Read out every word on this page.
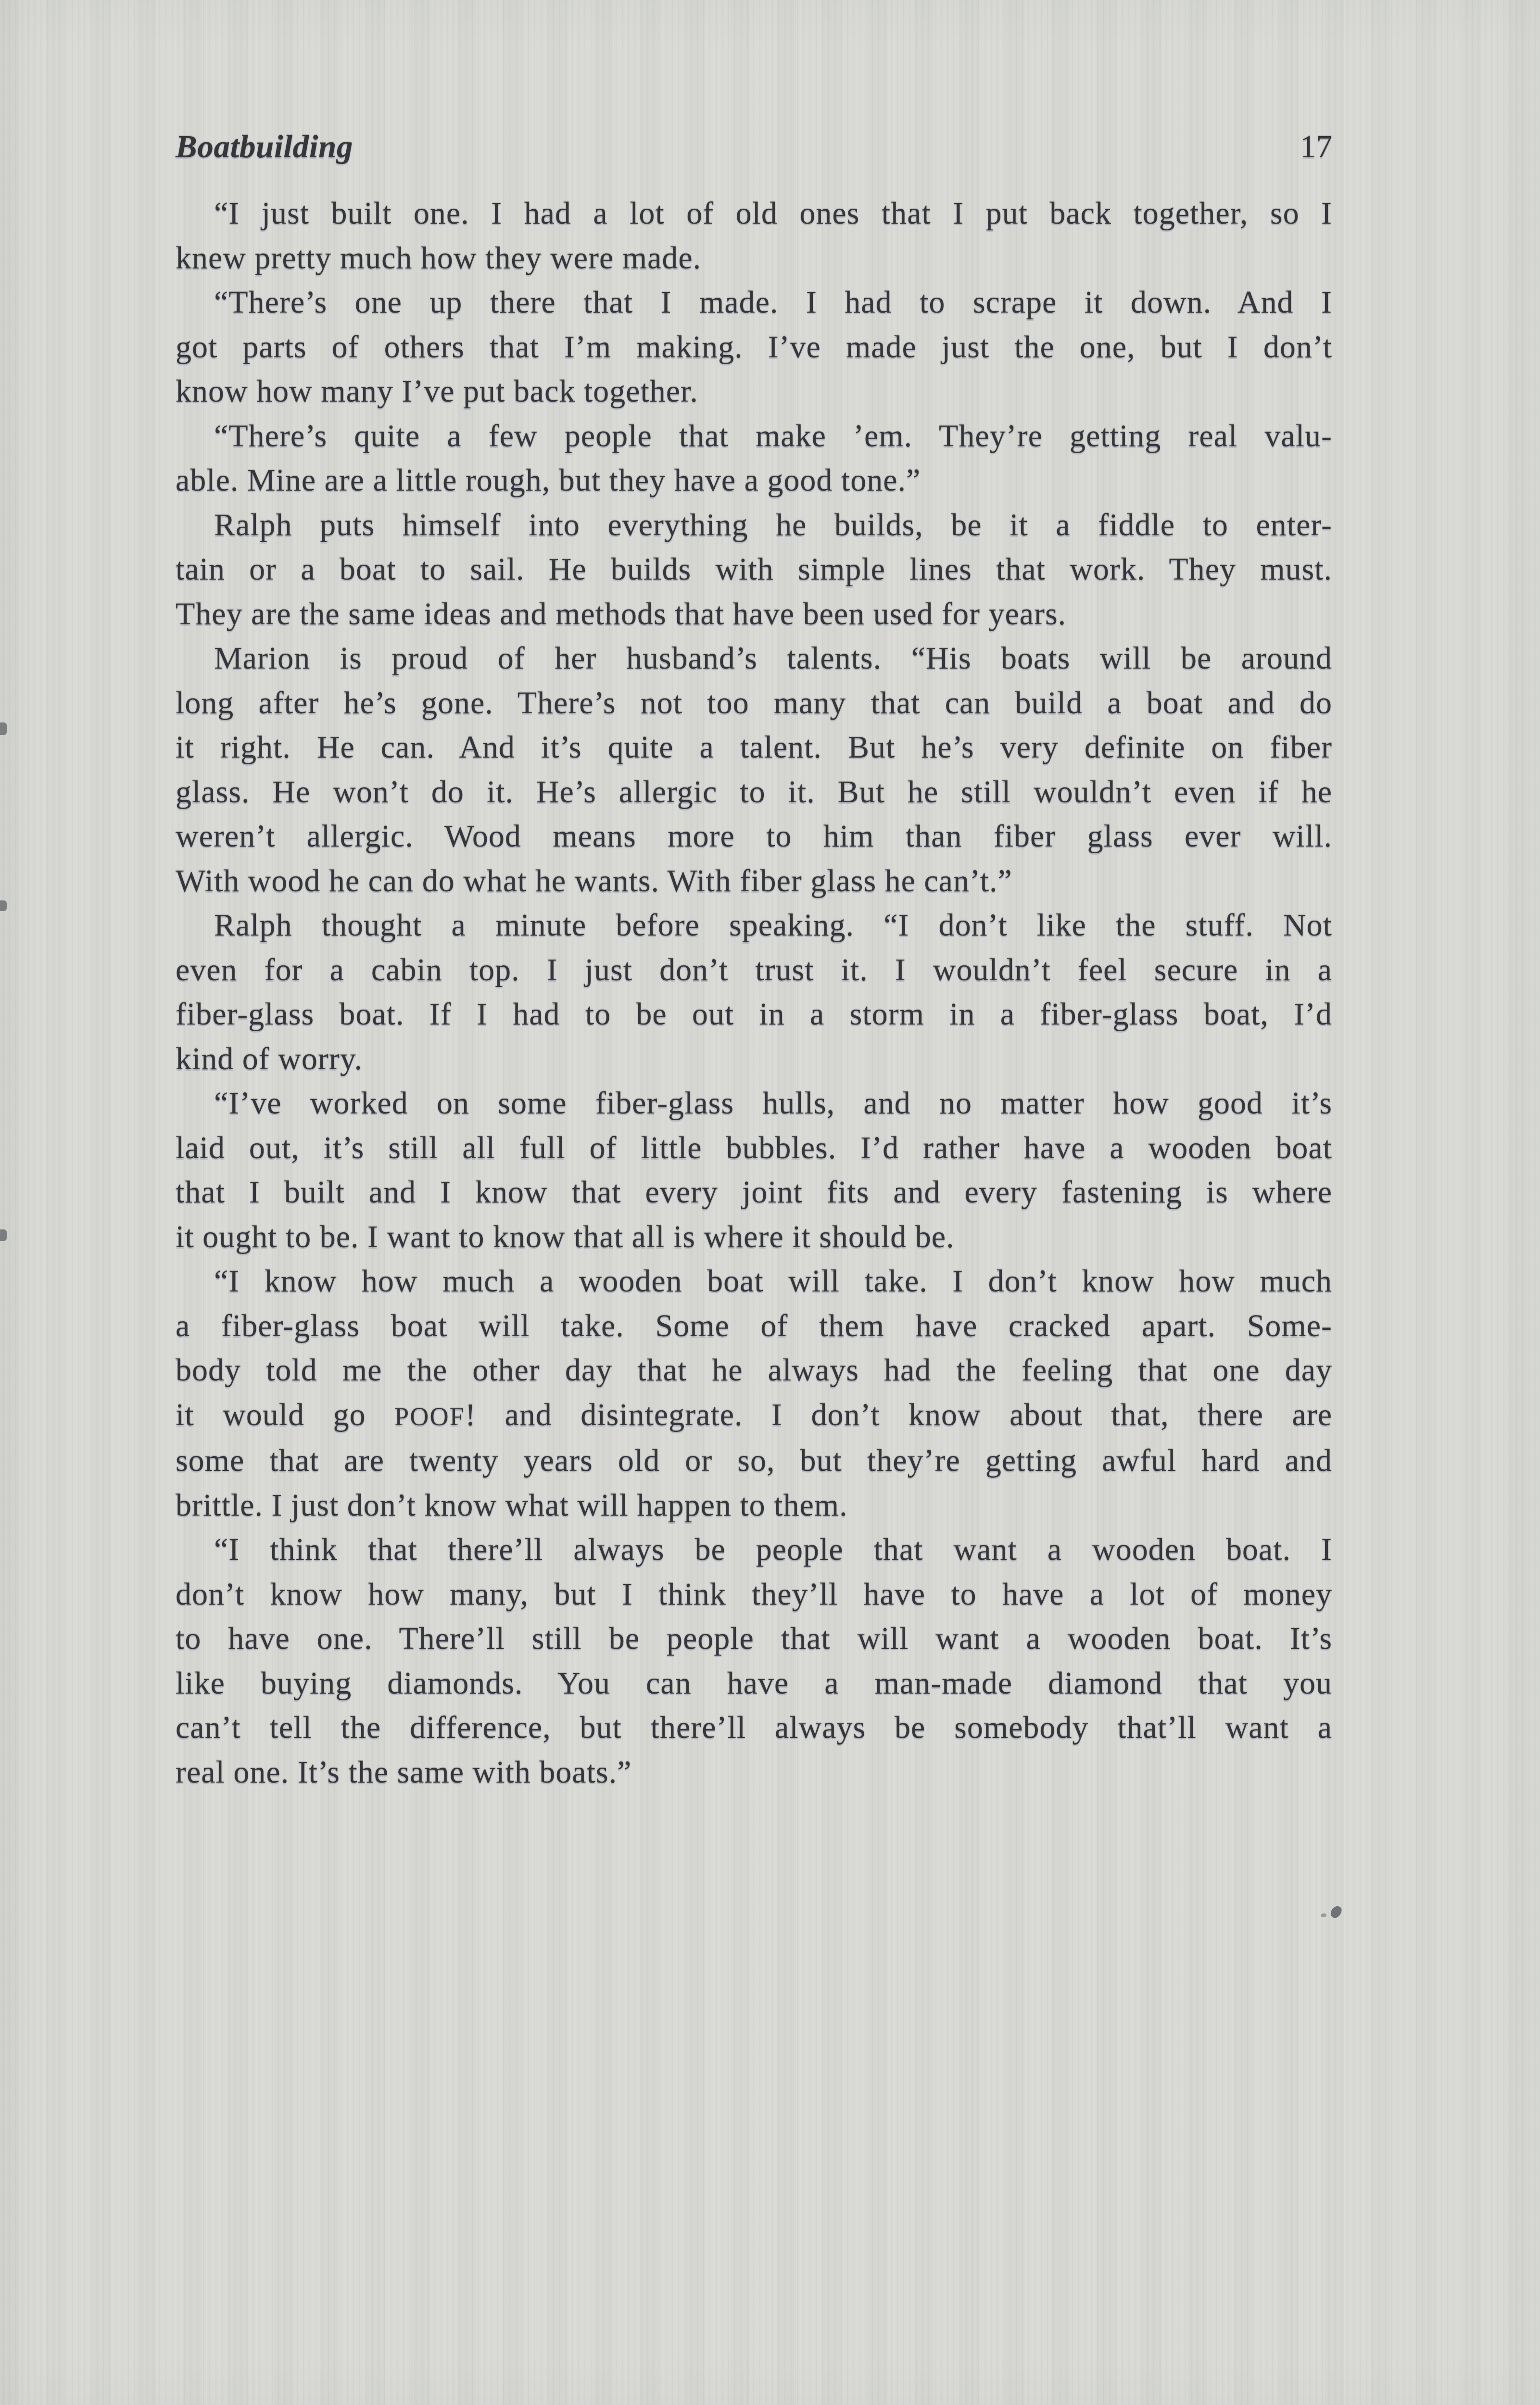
Boatbuilding	17
“I just built one. I had a lot of old ones that I put back together, so I
knew pretty much how they were made.
“There’s one up there that I made. I had to scrape it down. And I
got parts of others that I’m making. I’ve made just the one, but I don’t
know how many I’ve put back together.
“There’s quite a few people that make ’em. They’re getting real valu-
able. Mine are a little rough, but they have a good tone.”
Ralph puts himself into everything he builds, be it a fiddle to enter-
tain or a boat to sail. He builds with simple lines that work. They must.
They are the same ideas and methods that have been used for years.
Marion is proud of her husband’s talents. “His boats will be around
long after he’s gone. There’s not too many that can build a boat and do
it right. He can. And it’s quite a talent. But he’s very definite on fiber
glass. He won’t do it. He’s allergic to it. But he still wouldn’t even if he
weren’t allergic. Wood means more to him than fiber glass ever will.
With wood he can do what he wants. With fiber glass he can’t.”
Ralph thought a minute before speaking. “I don’t like the stuff. Not
even for a cabin top. I just don’t trust it. I wouldn’t feel secure in a
fiber-glass boat. If I had to be out in a storm in a fiber-glass boat, I’d
kind of worry.
“I’ve worked on some fiber-glass hulls, and no matter how good it’s
laid out, it’s still all full of little bubbles. I’d rather have a wooden boat
that I built and I know that every joint fits and every fastening is where
it ought to be. I want to know that all is where it should be.
“I know how much a wooden boat will take. I don’t know how much
a fiber-glass boat will take. Some of them have cracked apart. Some-
body told me the other day that he always had the feeling that one day
it would go POOF! and disintegrate. I don’t know about that, there are
some that are twenty years old or so, but they’re getting awful hard and
brittle. I just don’t know what will happen to them.
“I think that there’ll always be people that want a wooden boat. I
don’t know how many, but I think they’ll have to have a lot of money
to have one. There’ll still be people that will want a wooden boat. It’s
like buying diamonds. You can have a man-made diamond that you
can’t tell the difference, but there’ll always be somebody that’ll want a
real one. It’s the same with boats.”
